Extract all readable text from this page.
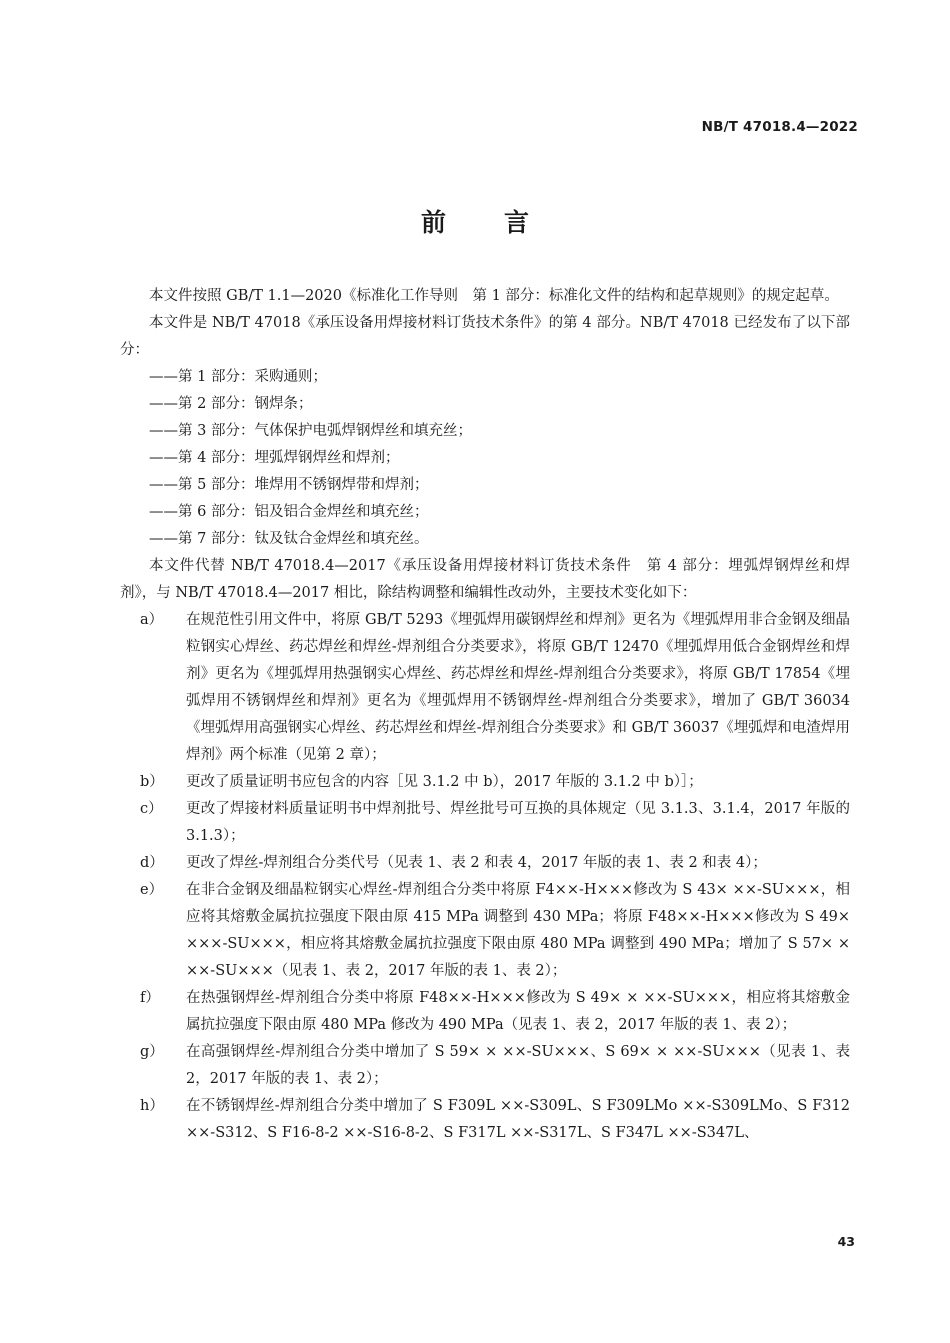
NB/T 47018.4—2022
前言

本文件按照 GB/T 1.1—2020《标准化工作导则　第 1 部分：标准化文件的结构和起草规则》的规定起草。

本文件是 NB/T 47018《承压设备用焊接材料订货技术条件》的第 4 部分。NB/T 47018 已经发布了以下部分：

——第 1 部分：采购通则；

——第 2 部分：钢焊条；

——第 3 部分：气体保护电弧焊钢焊丝和填充丝；

——第 4 部分：埋弧焊钢焊丝和焊剂；

——第 5 部分：堆焊用不锈钢焊带和焊剂；

——第 6 部分：铝及铝合金焊丝和填充丝；

——第 7 部分：钛及钛合金焊丝和填充丝。

本文件代替 NB/T 47018.4—2017《承压设备用焊接材料订货技术条件　第 4 部分：埋弧焊钢焊丝和焊剂》，与 NB/T 47018.4—2017 相比，除结构调整和编辑性改动外，主要技术变化如下：

a）	在规范性引用文件中，将原 GB/T 5293《埋弧焊用碳钢焊丝和焊剂》更名为《埋弧焊用非合金钢及细晶粒钢实心焊丝、药芯焊丝和焊丝-焊剂组合分类要求》，将原 GB/T 12470《埋弧焊用低合金钢焊丝和焊剂》更名为《埋弧焊用热强钢实心焊丝、药芯焊丝和焊丝-焊剂组合分类要求》，将原 GB/T 17854《埋弧焊用不锈钢焊丝和焊剂》更名为《埋弧焊用不锈钢焊丝-焊剂组合分类要求》，增加了 GB/T 36034《埋弧焊用高强钢实心焊丝、药芯焊丝和焊丝-焊剂组合分类要求》和 GB/T 36037《埋弧焊和电渣焊用焊剂》两个标准（见第 2 章）；
b）	更改了质量证明书应包含的内容［见 3.1.2 中 b），2017 年版的 3.1.2 中 b）］；
c）	更改了焊接材料质量证明书中焊剂批号、焊丝批号可互换的具体规定（见 3.1.3、3.1.4，2017 年版的 3.1.3）；
d）	更改了焊丝-焊剂组合分类代号（见表 1、表 2 和表 4，2017 年版的表 1、表 2 和表 4）；
e）	在非合金钢及细晶粒钢实心焊丝-焊剂组合分类中将原 F4××-H×××修改为 S 43× ××-SU×××，相应将其熔敷金属抗拉强度下限由原 415 MPa 调整到 430 MPa；将原 F48××-H×××修改为 S 49× ×××-SU×××，相应将其熔敷金属抗拉强度下限由原 480 MPa 调整到 490 MPa；增加了 S 57× × ××-SU×××（见表 1、表 2，2017 年版的表 1、表 2）；
f）	在热强钢焊丝-焊剂组合分类中将原 F48××-H×××修改为 S 49× × ××-SU×××，相应将其熔敷金属抗拉强度下限由原 480 MPa 修改为 490 MPa（见表 1、表 2，2017 年版的表 1、表 2）；
g）	在高强钢焊丝-焊剂组合分类中增加了 S 59× × ××-SU×××、S 69× × ××-SU×××（见表 1、表 2，2017 年版的表 1、表 2）；
h）	在不锈钢焊丝-焊剂组合分类中增加了 S F309L ××-S309L、S F309LMo ××-S309LMo、S F312 ××-S312、S F16-8-2 ××-S16-8-2、S F317L ××-S317L、S F347L ××-S347L、
43
